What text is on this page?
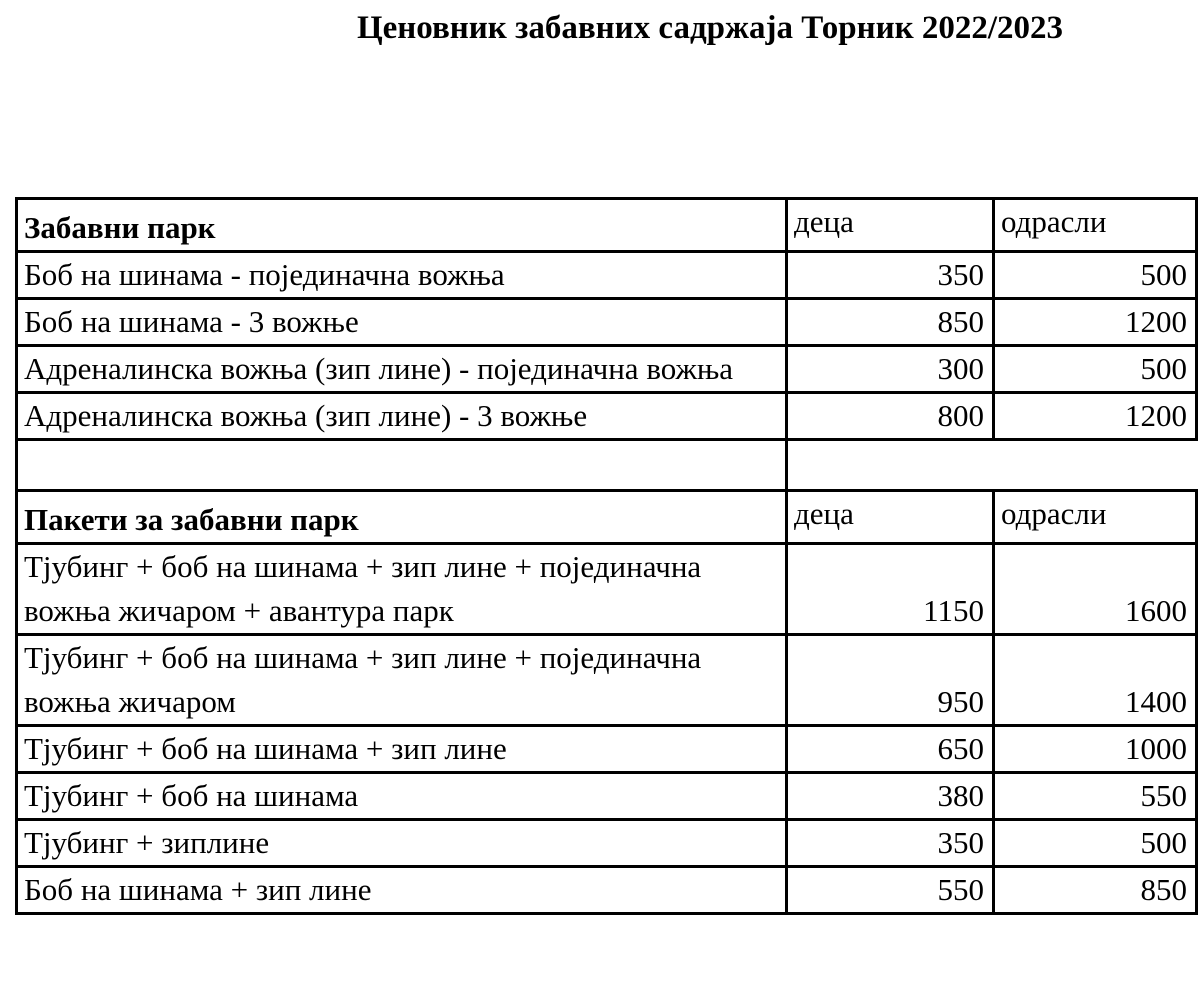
Ценовник забавних садржаја Торник 2022/2023
Забавни парк	деца	одрасли
Боб на шинама - појединачна вожња	350	500
Боб на шинама - 3 вожње	850	1200
Адреналинска вожња (зип лине) - појединачна вожња	300	500
Адреналинска вожња (зип лине) - 3 вожње	800	1200

Пакети за забавни парк	деца	одрасли
Тјубинг + боб на шинама + зип лине + појединачна вожња жичаром + авантура парк	1150	1600
Тјубинг + боб на шинама + зип лине + појединачна вожња жичаром	950	1400
Тјубинг + боб на шинама + зип лине	650	1000
Тјубинг + боб на шинама	380	550
Тјубинг + зиплине	350	500
Боб на шинама + зип лине	550	850
